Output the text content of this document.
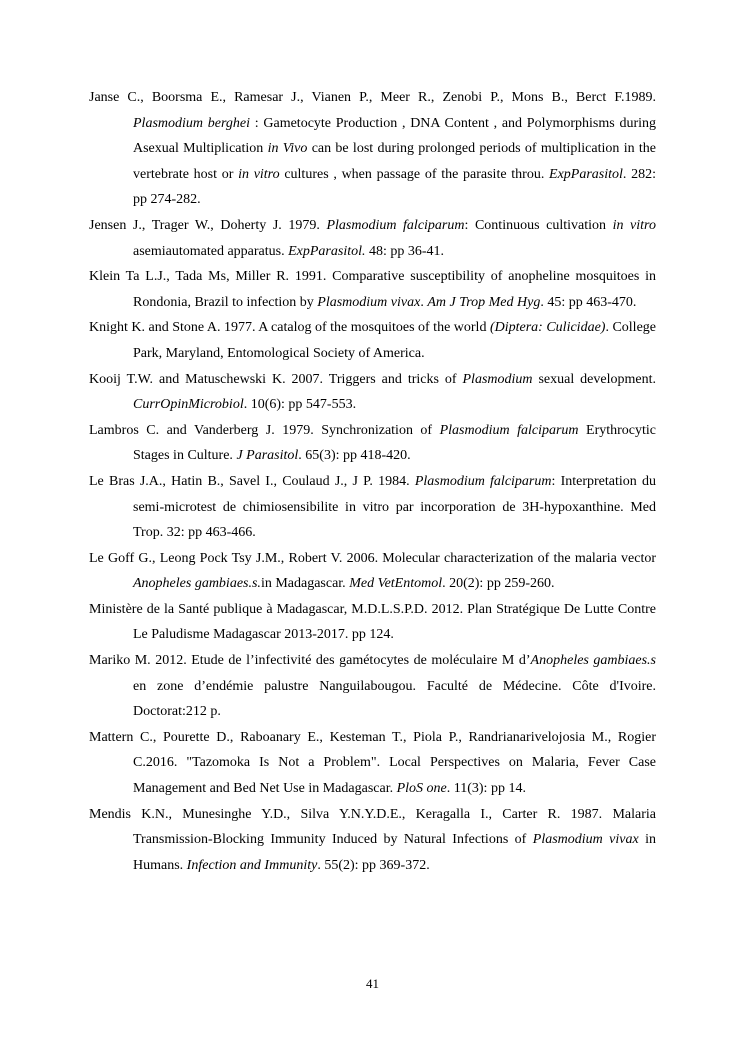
Janse C., Boorsma E., Ramesar J., Vianen P., Meer R., Zenobi P., Mons B., Berct F.1989. Plasmodium berghei : Gametocyte Production , DNA Content , and Polymorphisms during Asexual Multiplication in Vivo can be lost during prolonged periods of multiplication in the vertebrate host or in vitro cultures , when passage of the parasite throu. ExpParasitol. 282: pp 274-282.

Jensen J., Trager W., Doherty J. 1979. Plasmodium falciparum: Continuous cultivation in vitro asemiautomated apparatus. ExpParasitol. 48: pp 36-41.

Klein Ta L.J., Tada Ms, Miller R. 1991. Comparative susceptibility of anopheline mosquitoes in Rondonia, Brazil to infection by Plasmodium vivax. Am J Trop Med Hyg. 45: pp 463-470.

Knight K. and Stone A. 1977. A catalog of the mosquitoes of the world (Diptera: Culicidae). College Park, Maryland, Entomological Society of America.

Kooij T.W. and Matuschewski K. 2007. Triggers and tricks of Plasmodium sexual development. CurrOpinMicrobiol. 10(6): pp 547-553.

Lambros C. and Vanderberg J. 1979. Synchronization of Plasmodium falciparum Erythrocytic Stages in Culture. J Parasitol. 65(3): pp 418-420.

Le Bras J.A., Hatin B., Savel I., Coulaud J., J P. 1984. Plasmodium falciparum: Interpretation du semi-microtest de chimiosensibilite in vitro par incorporation de 3H-hypoxanthine. Med Trop. 32: pp 463-466.

Le Goff G., Leong Pock Tsy J.M., Robert V. 2006. Molecular characterization of the malaria vector Anopheles gambiaes.s.in Madagascar. Med VetEntomol. 20(2): pp 259-260.

Ministère de la Santé publique à Madagascar, M.D.L.S.P.D. 2012. Plan Stratégique De Lutte Contre Le Paludisme Madagascar 2013-2017. pp 124.

Mariko M. 2012. Etude de l’infectivité des gamétocytes de moléculaire M d’Anopheles gambiaes.s en zone d’endémie palustre Nanguilabougou. Faculté de Médecine. Côte d'Ivoire. Doctorat:212 p.

Mattern C., Pourette D., Raboanary E., Kesteman T., Piola P., Randrianarivelojosia M., Rogier C.2016. "Tazomoka Is Not a Problem". Local Perspectives on Malaria, Fever Case Management and Bed Net Use in Madagascar. PloS one. 11(3): pp 14.

Mendis K.N., Munesinghe Y.D., Silva Y.N.Y.D.E., Keragalla I., Carter R. 1987. Malaria Transmission-Blocking Immunity Induced by Natural Infections of Plasmodium vivax in Humans. Infection and Immunity. 55(2): pp 369-372.

41
